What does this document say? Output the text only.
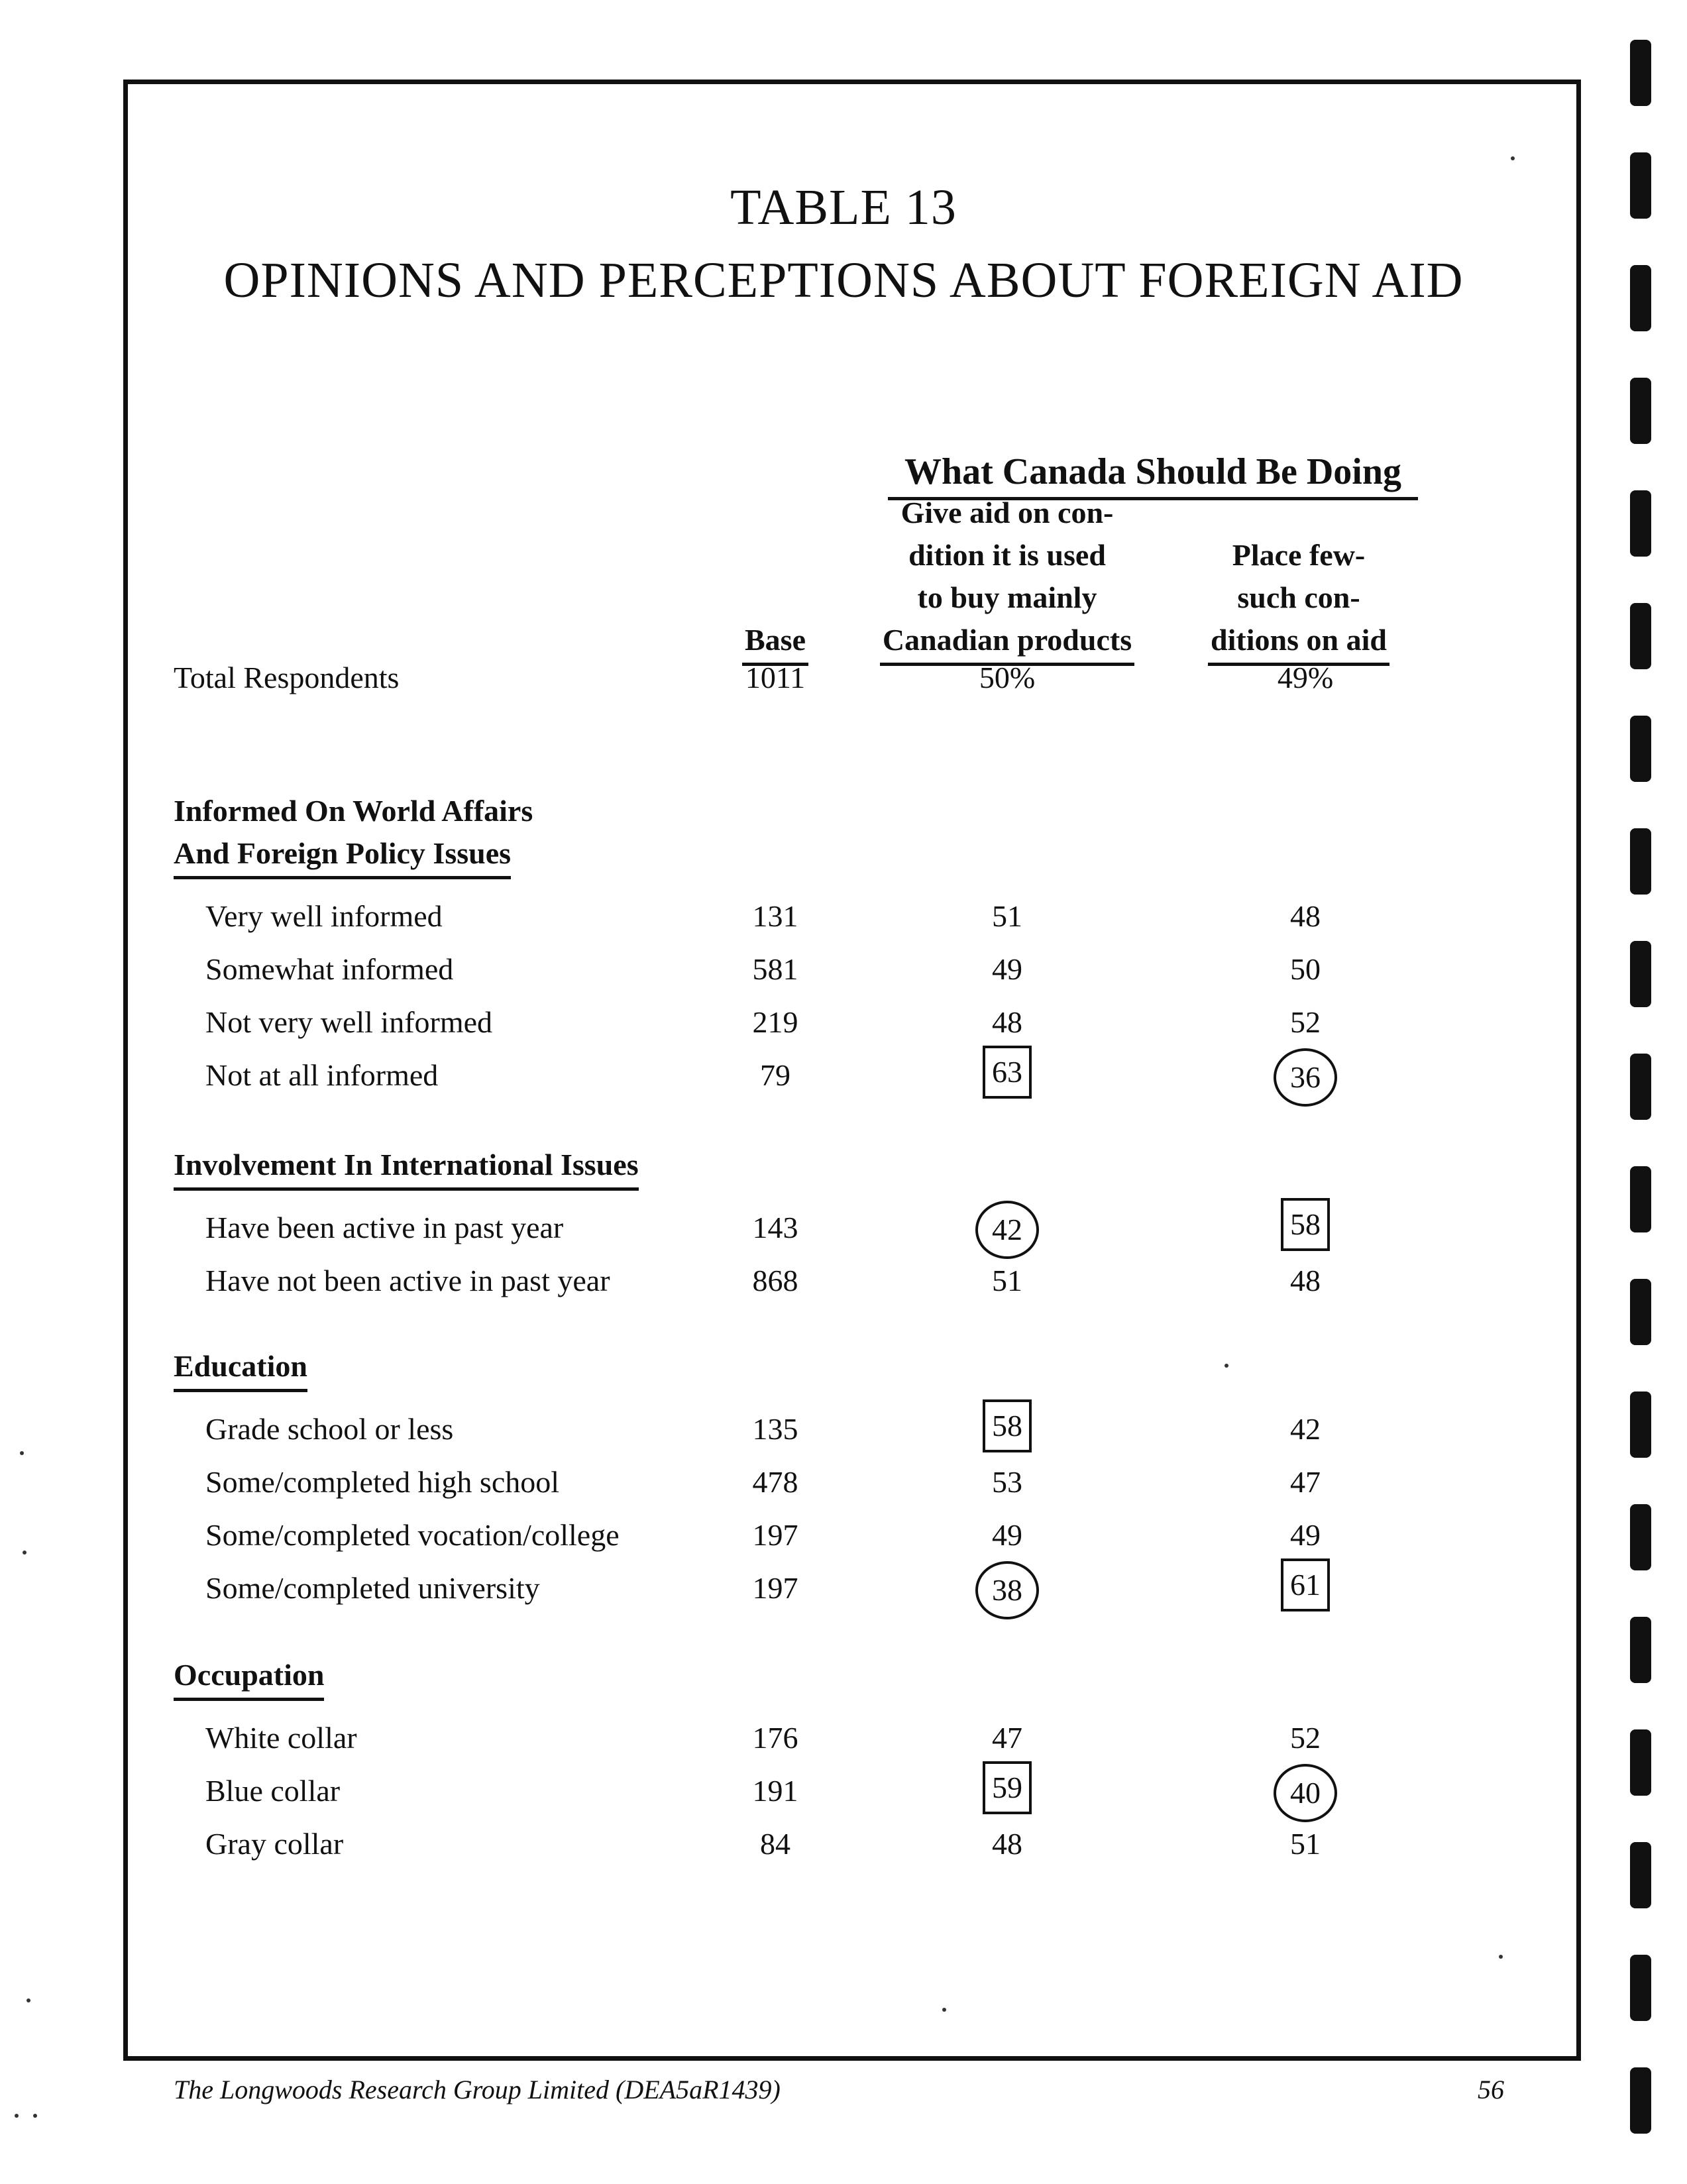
TABLE 13
OPINIONS AND PERCEPTIONS ABOUT FOREIGN AID
What Canada Should Be Doing
Base
Give aid on con-
dition it is used
to buy mainly
Canadian products
Place few-
such con-
ditions on aid
Total Respondents	1011	50%	49%
Informed On World Affairs
And Foreign Policy Issues
Very well informed	131	51	48
Somewhat informed	581	49	50
Not very well informed	219	48	52
Not at all informed	79	63	36
Involvement In International Issues
Have been active in past year	143	42	58
Have not been active in past year	868	51	48
Education
Grade school or less	135	58	42
Some/completed high school	478	53	47
Some/completed vocation/college	197	49	49
Some/completed university	197	38	61
Occupation
White collar	176	47	52
Blue collar	191	59	40
Gray collar	84	48	51
The Longwoods Research Group Limited (DEA5aR1439)	56
